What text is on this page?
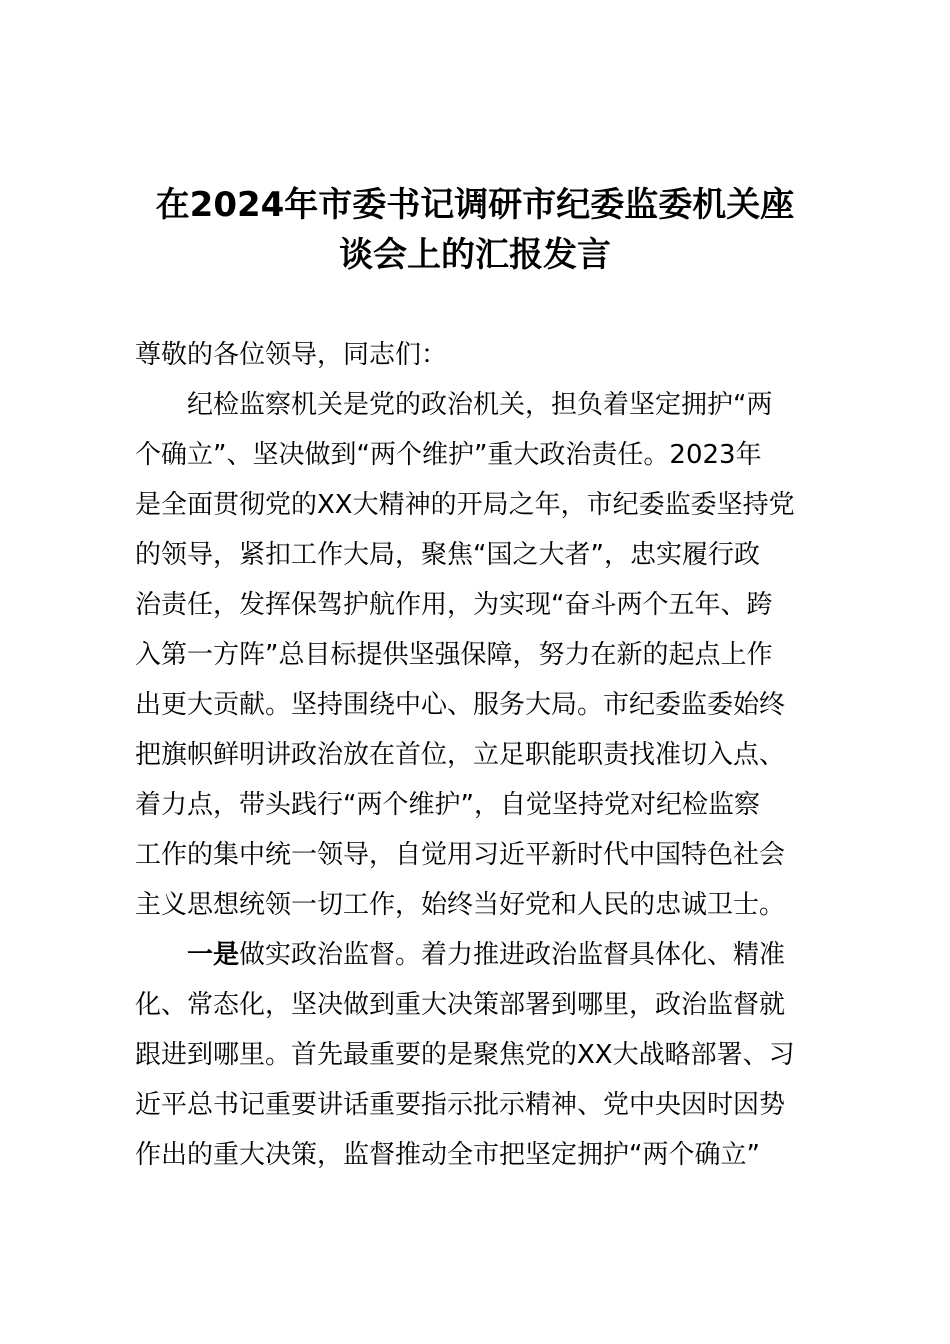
在2024年市委书记调研市纪委监委机关座
谈会上的汇报发言
尊敬的各位领导，同志们：
纪检监察机关是党的政治机关，担负着坚定拥护“两
个确立”、坚决做到“两个维护”重大政治责任。2023年
是全面贯彻党的XX大精神的开局之年，市纪委监委坚持党
的领导，紧扣工作大局，聚焦“国之大者”，忠实履行政
治责任，发挥保驾护航作用，为实现“奋斗两个五年、跨
入第一方阵”总目标提供坚强保障，努力在新的起点上作
出更大贡献。坚持围绕中心、服务大局。市纪委监委始终
把旗帜鲜明讲政治放在首位，立足职能职责找准切入点、
着力点，带头践行“两个维护”，自觉坚持党对纪检监察
工作的集中统一领导，自觉用习近平新时代中国特色社会
主义思想统领一切工作，始终当好党和人民的忠诚卫士。
一是做实政治监督。着力推进政治监督具体化、精准
化、常态化，坚决做到重大决策部署到哪里，政治监督就
跟进到哪里。首先最重要的是聚焦党的XX大战略部署、习
近平总书记重要讲话重要指示批示精神、党中央因时因势
作出的重大决策，监督推动全市把坚定拥护“两个确立”
